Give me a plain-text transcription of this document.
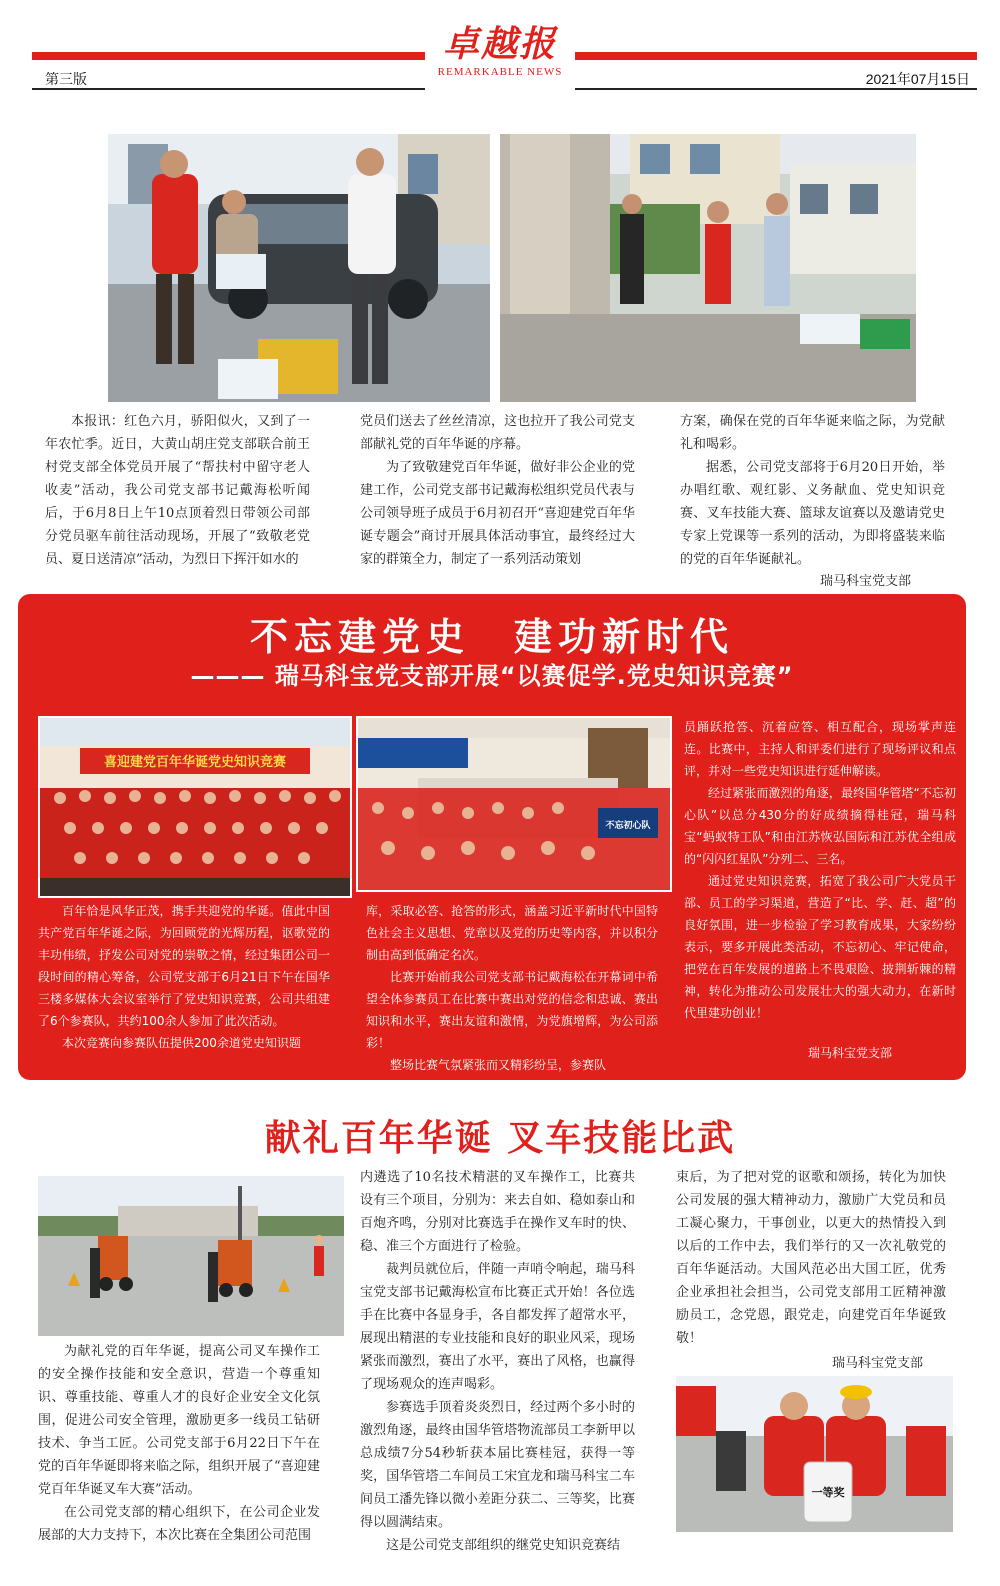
卓越报
REMARKABLE NEWS
第三版	2021年07月15日

本报讯：红色六月，骄阳似火，又到了一年农忙季。近日，大黄山胡庄党支部联合前王村党支部全体党员开展了“帮扶村中留守老人收麦”活动，我公司党支部书记戴海松听闻后，于6月8日上午10点顶着烈日带领公司部分党员驱车前往活动现场，开展了“致敬老党员、夏日送清凉”活动，为烈日下挥汗如水的

党员们送去了丝丝清凉，这也拉开了我公司党支部献礼党的百年华诞的序幕。

为了致敬建党百年华诞，做好非公企业的党建工作，公司党支部书记戴海松组织党员代表与公司领导班子成员于6月初召开“喜迎建党百年华诞专题会”商讨开展具体活动事宜，最终经过大家的群策全力，制定了一系列活动策划

方案，确保在党的百年华诞来临之际，为党献礼和喝彩。

据悉，公司党支部将于6月20日开始，举办唱红歌、观红影、义务献血、党史知识竞赛、叉车技能大赛、篮球友谊赛以及邀请党史专家上党课等一系列的活动，为即将盛装来临的党的百年华诞献礼。

瑞马科宝党支部
不忘建党史　建功新时代
——— 瑞马科宝党支部开展“以赛促学.党史知识竞赛”
喜迎建党百年华诞党史知识竞赛
不忘初心队

百年恰是风华正茂，携手共迎党的华诞。值此中国共产党百年华诞之际，为回顾党的光辉历程，讴歌党的丰功伟绩，抒发公司对党的崇敬之情，经过集团公司一段时间的精心筹备，公司党支部于6月21日下午在国华三楼多媒体大会议室举行了党史知识竞赛，公司共组建了6个参赛队，共约100余人参加了此次活动。

本次竞赛向参赛队伍提供200余道党史知识题

库，采取必答、抢答的形式，涵盖习近平新时代中国特色社会主义思想、党章以及党的历史等内容，并以积分制由高到低确定名次。

比赛开始前我公司党支部书记戴海松在开幕词中希望全体参赛员工在比赛中赛出对党的信念和忠诚、赛出知识和水平，赛出友谊和激情，为党旗增辉，为公司添彩！

整场比赛气氛紧张而又精彩纷呈，参赛队

员踊跃抢答、沉着应答、相互配合，现场掌声连连。比赛中，主持人和评委们进行了现场评议和点评，并对一些党史知识进行延伸解读。

经过紧张而激烈的角逐，最终国华管塔“不忘初心队”以总分430分的好成绩摘得桂冠，瑞马科宝“蚂蚁特工队”和由江苏恢弘国际和江苏优全组成的“闪闪红星队”分列二、三名。

通过党史知识竞赛，拓宽了我公司广大党员干部、员工的学习渠道，营造了“比、学、赶、超”的良好氛围，进一步检验了学习教育成果，大家纷纷表示，要多开展此类活动，不忘初心、牢记使命，把党在百年发展的道路上不畏艰险、披荆斩棘的精神，转化为推动公司发展壮大的强大动力，在新时代里建功创业！

瑞马科宝党支部
献礼百年华诞 叉车技能比武

为献礼党的百年华诞，提高公司叉车操作工的安全操作技能和安全意识，营造一个尊重知识、尊重技能、尊重人才的良好企业安全文化氛围，促进公司安全管理，激励更多一线员工钻研技术、争当工匠。公司党支部于6月22日下午在党的百年华诞即将来临之际，组织开展了“喜迎建党百年华诞叉车大赛”活动。

在公司党支部的精心组织下，在公司企业发展部的大力支持下，本次比赛在全集团公司范围

内遴选了10名技术精湛的叉车操作工，比赛共设有三个项目，分别为：来去自如、稳如泰山和百炮齐鸣，分别对比赛选手在操作叉车时的快、稳、准三个方面进行了检验。

裁判员就位后，伴随一声哨令响起，瑞马科宝党支部书记戴海松宣布比赛正式开始！各位选手在比赛中各显身手，各自都发挥了超常水平，展现出精湛的专业技能和良好的职业风采，现场紧张而激烈，赛出了水平，赛出了风格，也赢得了现场观众的连声喝彩。

参赛选手顶着炎炎烈日，经过两个多小时的激烈角逐，最终由国华管塔物流部员工李新甲以总成绩7分54秒斩获本届比赛桂冠，获得一等奖，国华管塔二车间员工宋宜龙和瑞马科宝二车间员工潘先锋以微小差距分获二、三等奖，比赛得以圆满结束。

这是公司党支部组织的继党史知识竞赛结

束后，为了把对党的讴歌和颂扬，转化为加快公司发展的强大精神动力，激励广大党员和员工凝心聚力，干事创业，以更大的热情投入到以后的工作中去，我们举行的又一次礼敬党的百年华诞活动。大国风范必出大国工匠，优秀企业承担社会担当，公司党支部用工匠精神激励员工，念党恩，跟党走，向建党百年华诞致敬！

瑞马科宝党支部
一等奖
